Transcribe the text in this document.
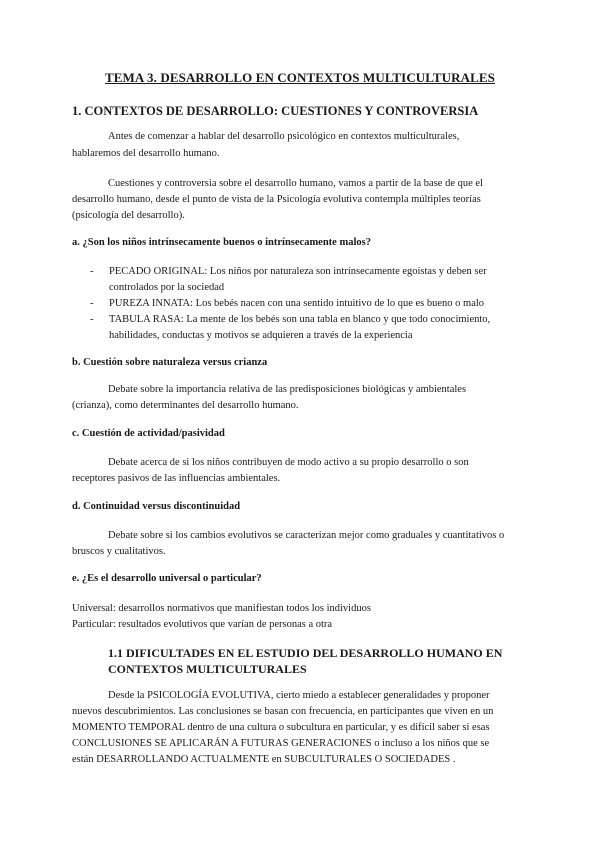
TEMA 3. DESARROLLO EN CONTEXTOS MULTICULTURALES
1. CONTEXTOS DE DESARROLLO: CUESTIONES Y CONTROVERSIA
Antes de comenzar a hablar del desarrollo psicológico en contextos multiculturales,
hablaremos del desarrollo humano.
Cuestiones y controversia sobre el desarrollo humano, vamos a partir de la base de que el
desarrollo humano, desde el punto de vista de la Psicología evolutiva contempla múltiples teorías
(psicología del desarrollo).
a. ¿Son los niños intrínsecamente buenos o intrínsecamente malos?
- PECADO ORIGINAL: Los niños por naturaleza son intrínsecamente egoístas y deben ser
controlados por la sociedad
- PUREZA INNATA: Los bebés nacen con una sentido intuitivo de lo que es bueno o malo
- TABULA RASA: La mente de los bebés son una tabla en blanco y que todo conocimiento,
habilidades, conductas y motivos se adquieren a través de la experiencia
b. Cuestión sobre naturaleza versus crianza
Debate sobre la importancia relativa de las predisposiciones biológicas y ambientales
(crianza), como determinantes del desarrollo humano.
c. Cuestión de actividad/pasividad
Debate acerca de si los niños contribuyen de modo activo a su propio desarrollo o son
receptores pasivos de las influencias ambientales.
d. Continuidad versus discontinuidad
Debate sobre si los cambios evolutivos se caracterizan mejor como graduales y cuantitativos o
bruscos y cualitativos.
e. ¿Es el desarrollo universal o particular?
Universal: desarrollos normativos que manifiestan todos los individuos
Particular: resultados evolutivos que varían de personas a otra
1.1 DIFICULTADES EN EL ESTUDIO DEL DESARROLLO HUMANO EN
CONTEXTOS MULTICULTURALES
Desde la PSICOLOGÍA EVOLUTIVA, cierto miedo a establecer generalidades y proponer
nuevos descubrimientos. Las conclusiones se basan con frecuencia, en participantes que viven en un
MOMENTO TEMPORAL dentro de una cultura o subcultura en particular, y es difícil saber si esas
CONCLUSIONES SE APLICARÁN A FUTURAS GENERACIONES o incluso a los niños que se
están DESARROLLANDO ACTUALMENTE en SUBCULTURALES O SOCIEDADES .
